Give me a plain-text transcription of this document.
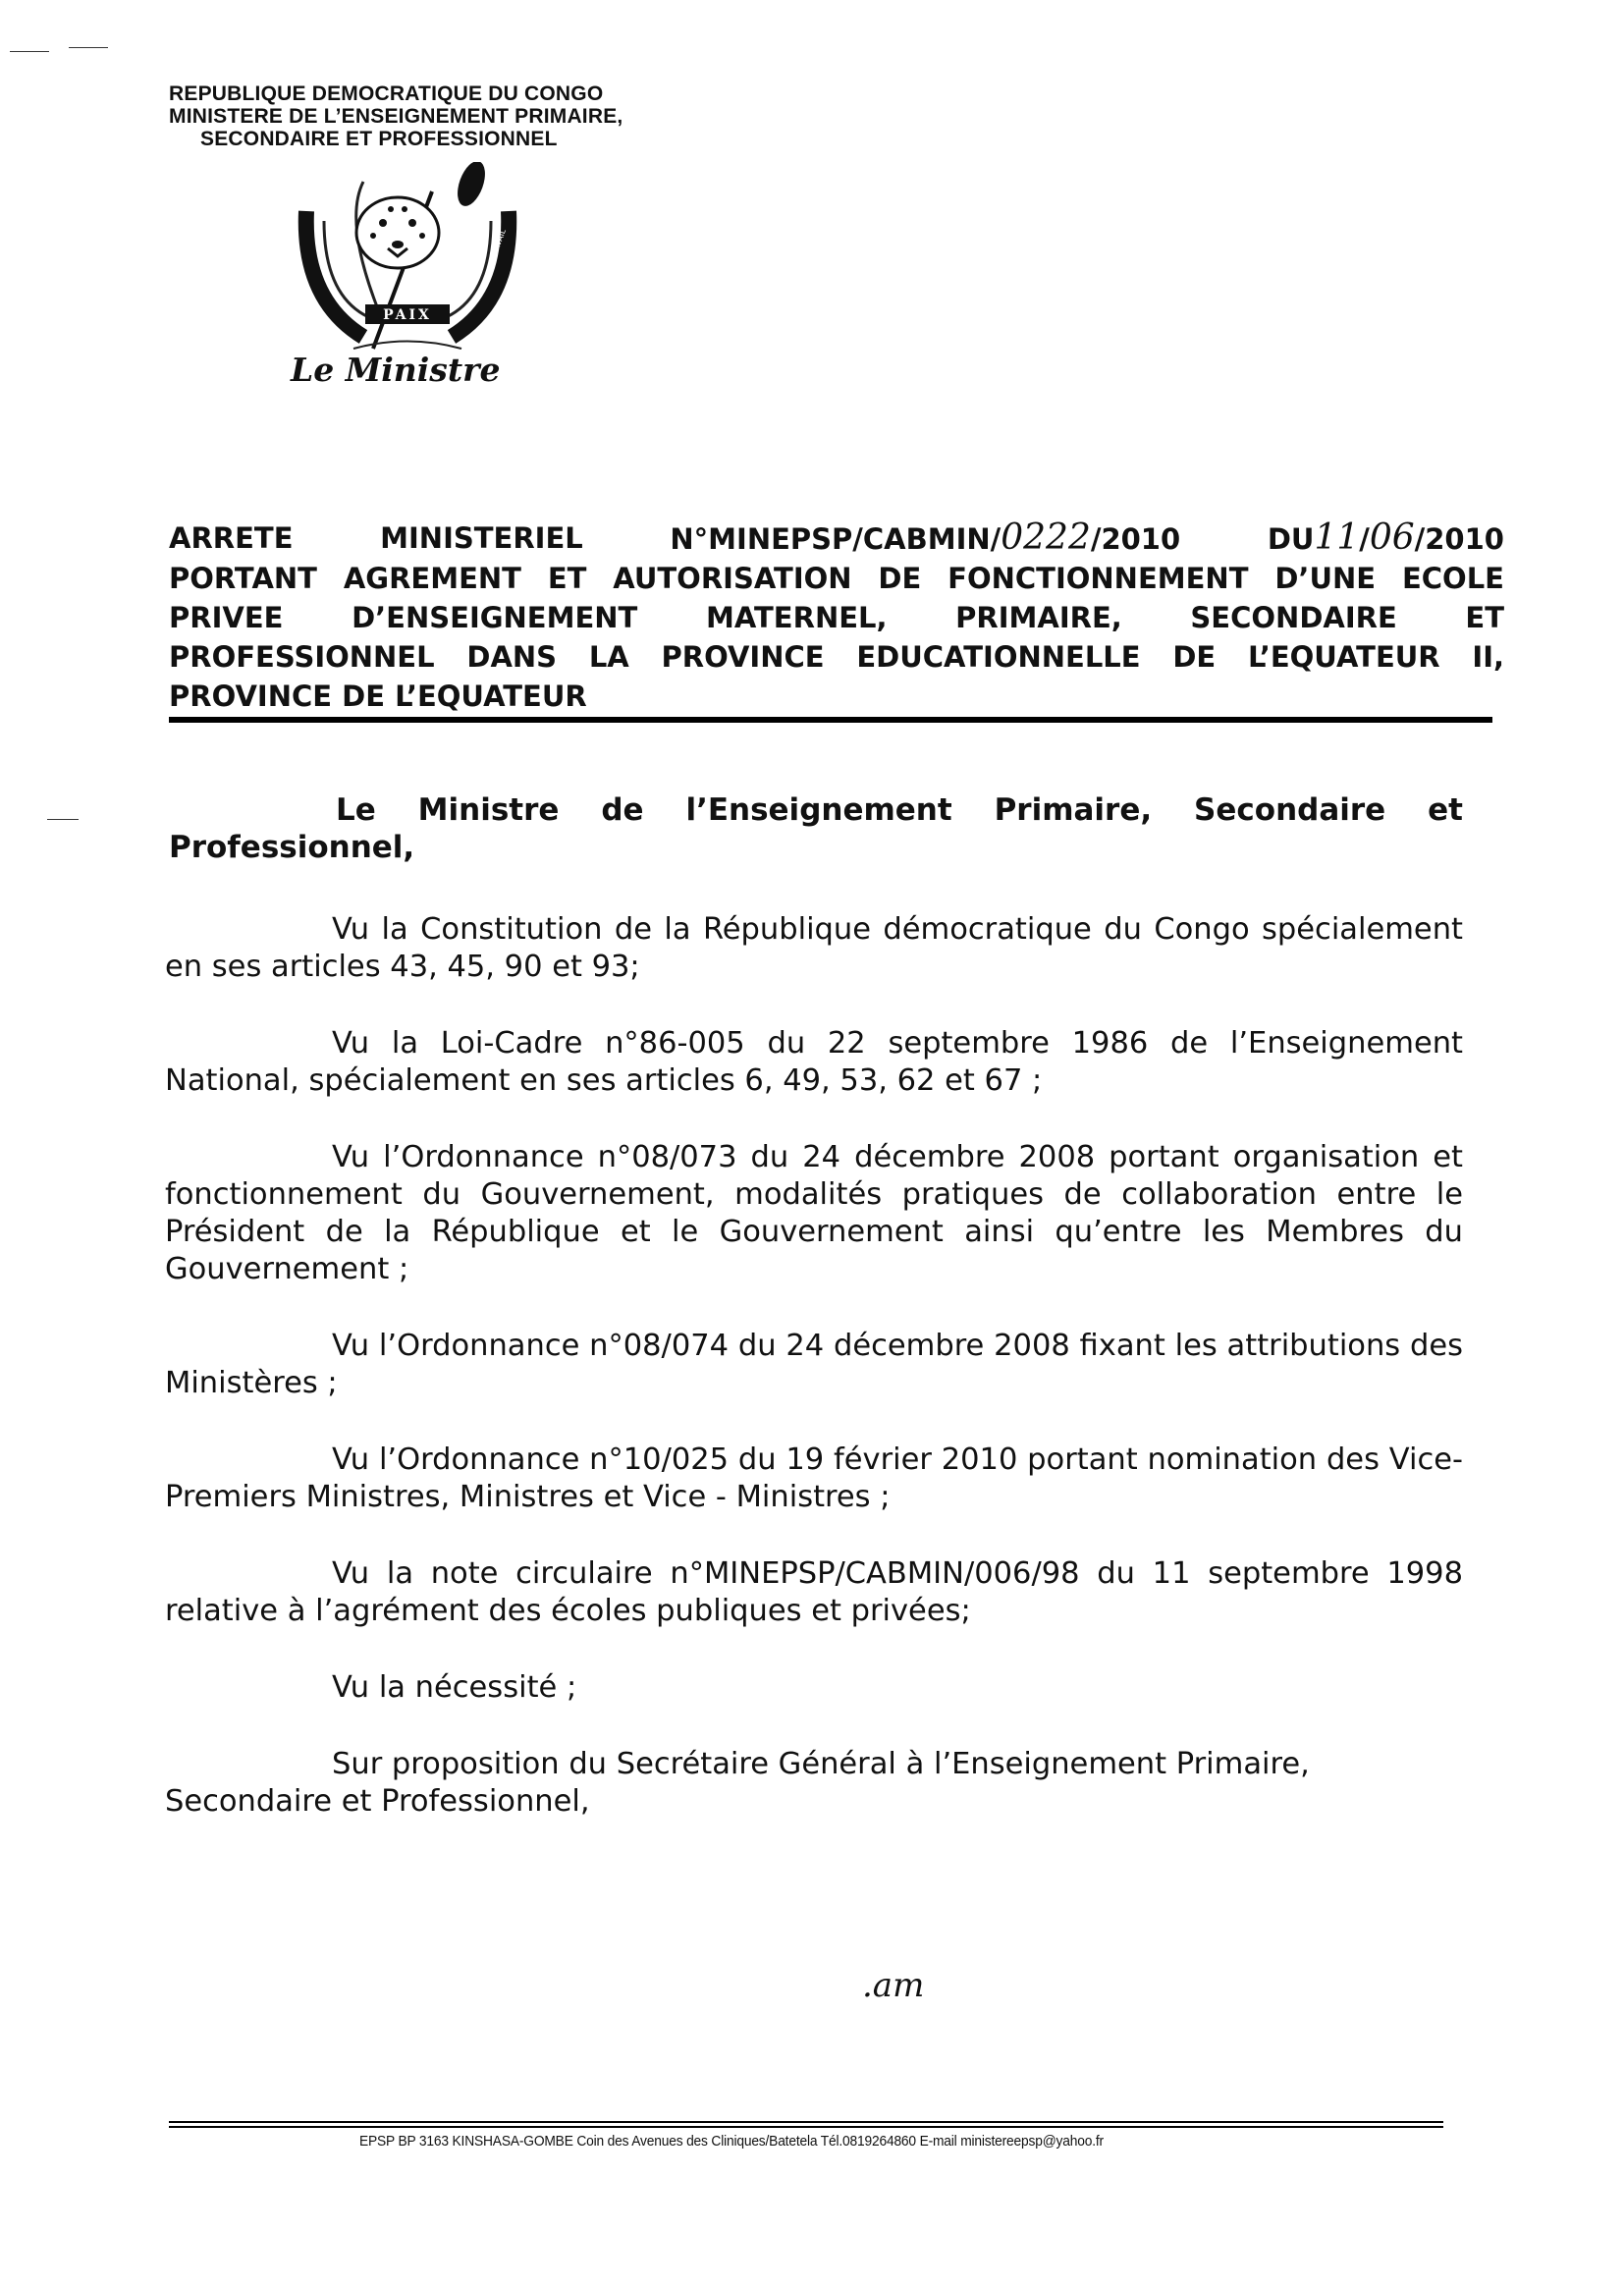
REPUBLIQUE DEMOCRATIQUE DU CONGO
MINISTERE DE L’ENSEIGNEMENT PRIMAIRE,
SECONDAIRE ET PROFESSIONNEL
PAIX
JUSTICE
TRAVAIL
Le Ministre
ARRETE	MINISTERIEL	N°MINEPSP/CABMIN/0222/2010	DU11/06/2010
PORTANT AGREMENT ET AUTORISATION DE FONCTIONNEMENT D’UNE ECOLE
PRIVEE D’ENSEIGNEMENT MATERNEL, PRIMAIRE, SECONDAIRE ET
PROFESSIONNEL DANS LA PROVINCE EDUCATIONNELLE DE L’EQUATEUR II,
PROVINCE DE L’EQUATEUR
Le Ministre de l’Enseignement Primaire, Secondaire et
Professionnel,

Vu la Constitution de la République démocratique du Congo spécialement en ses articles 43, 45, 90 et 93;

Vu la Loi-Cadre n°86-005 du 22 septembre 1986 de l’Enseignement National, spécialement en ses articles 6, 49, 53, 62 et 67 ;

Vu l’Ordonnance n°08/073 du 24 décembre 2008 portant organisation et fonctionnement du Gouvernement, modalités pratiques de collaboration entre le Président de la République et le Gouvernement ainsi qu’entre les Membres du Gouvernement ;

Vu l’Ordonnance n°08/074 du 24 décembre 2008 fixant les attributions des Ministères ;

Vu l’Ordonnance n°10/025 du 19 février 2010 portant nomination des Vice-Premiers Ministres, Ministres et Vice - Ministres ;

Vu la note circulaire n°MINEPSP/CABMIN/006/98 du 11 septembre 1998 relative à l’agrément des écoles publiques et privées;

Vu la nécessité ;

Sur proposition du Secrétaire Général à l’Enseignement Primaire, Secondaire et Professionnel,

.am
EPSP BP 3163 KINSHASA-GOMBE Coin des Avenues des Cliniques/Batetela Tél.0819264860 E-mail ministereepsp@yahoo.fr
